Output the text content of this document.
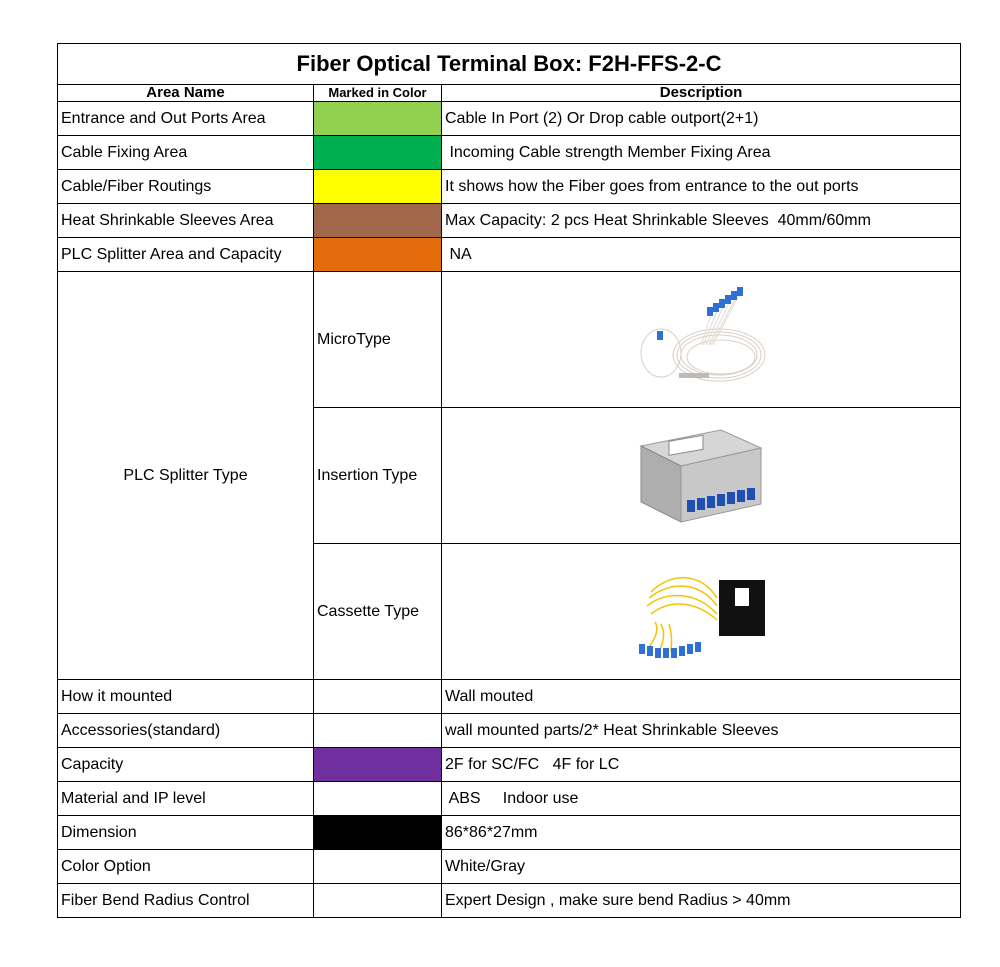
Fiber Optical Terminal Box: F2H-FFS-2-C		
Area Name	Marked in Color	Description
Entrance and Out Ports Area		Cable In Port (2) Or Drop cable outport(2+1)
Cable Fixing Area		Incoming Cable strength Member Fixing Area
Cable/Fiber Routings		It shows how the Fiber goes from entrance to the out ports
Heat Shrinkable Sleeves Area		Max Capacity: 2 pcs Heat Shrinkable Sleeves  40mm/60mm
PLC Splitter Area and Capacity		NA
PLC Splitter Type	MicroType	

	Insertion Type	

	Cassette Type	

How it mounted		Wall mouted
Accessories(standard)		wall mounted parts/2* Heat Shrinkable Sleeves
Capacity		2F for SC/FC   4F for LC
Material and IP level		ABS     Indoor use
Dimension		86*86*27mm
Color Option		White/Gray
Fiber Bend Radius Control		Expert Design , make sure bend Radius > 40mm
